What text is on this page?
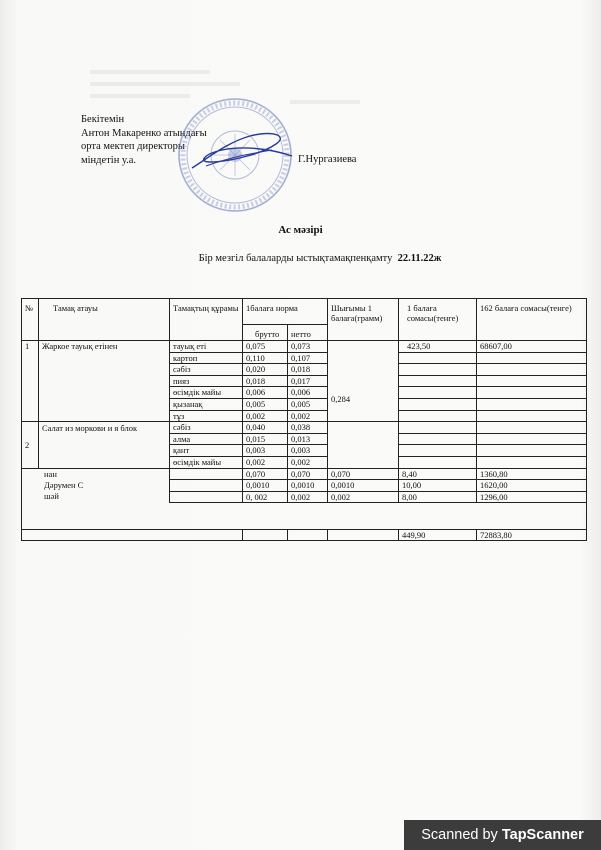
Бекітемін
Антон Макаренко атындағы
орта мектеп директоры
міндетін у.а.	Г.Нургазиева
Ас мәзірі
Бір мезгіл балаларды ыстықтамақпенқамту 22.11.22ж
№	Тамақ атауы	Тамақтың құрамы	1балаға норма		Шығымы 1 балаға(грамм)	1 балаға сомасы(тенге)	162 балаға сомасы(тенге)
			брутто	нетто			
1	Жаркое тауық етінен	тауық еті	0,075	0,073	0,284	423,50	68607,00
		картоп	0,110	0,107			
		сәбіз	0,020	0,018			
		пияз	0,018	0,017			
		өсімдік майы	0,006	0,006			
		қызанақ	0,005	0,005			
		тұз	0,002	0,002			
2	Салат из моркови и я блок	сәбіз	0,040	0,038			
		алма	0,015	0,013			
		қант	0,003	0,003			
		өсімдік майы	0,002	0,002			
нан			0,070	0,070	0,070	8,40	1360,80
Дәрумен С			0,0010	0,0010	0,0010	10,00	1620,00
шәй			0, 002	0,002	0,002	8,00	1296,00

						449,90	72883,80
Scanned by TapScanner
